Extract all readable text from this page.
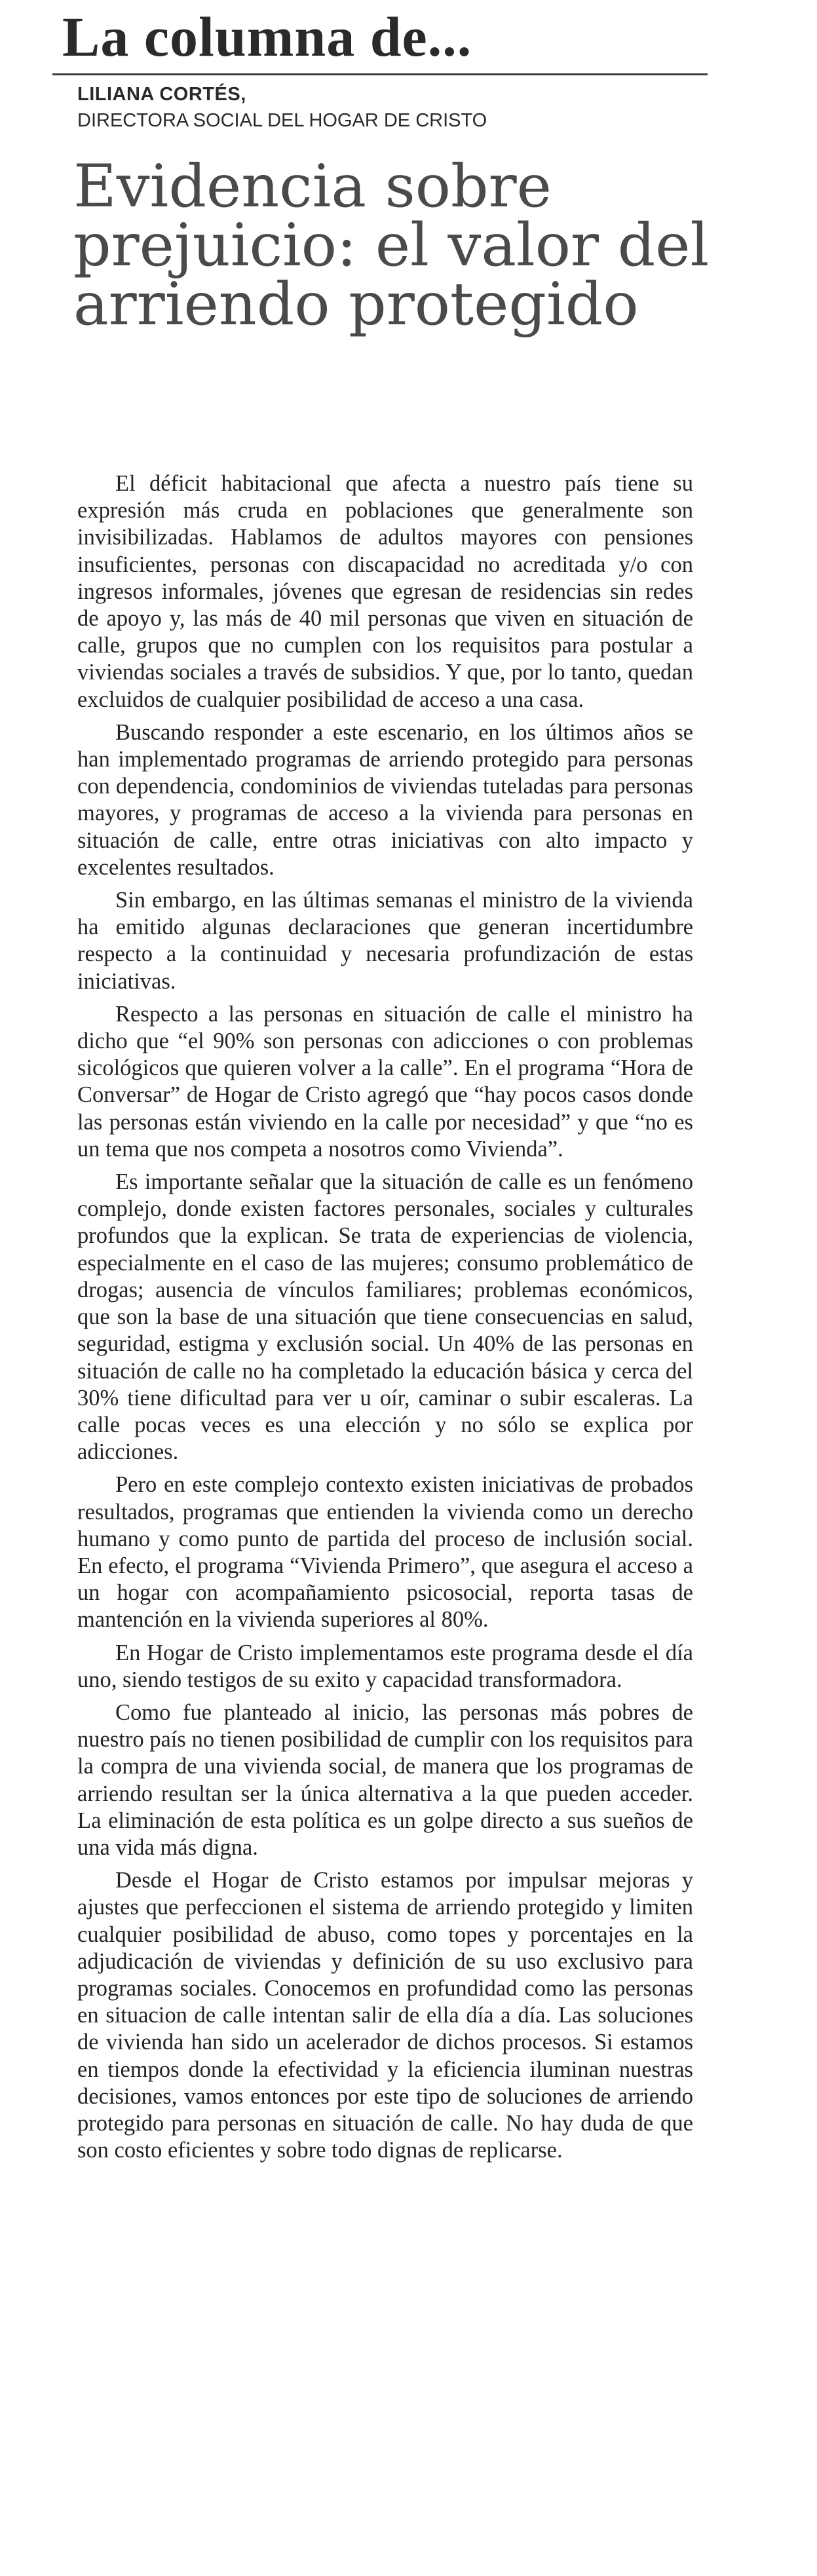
La columna de...
LILIANA CORTÉS,
DIRECTORA SOCIAL DEL HOGAR DE CRISTO
Evidencia sobre prejuicio: el valor del arriendo protegido

El déficit habitacional que afecta a nuestro país tiene su expresión más cruda en poblaciones que generalmente son invisibilizadas. Hablamos de adultos mayores con pensiones insuficientes, personas con discapacidad no acreditada y/o con ingresos informales, jóvenes que egresan de residencias sin redes de apoyo y, las más de 40 mil personas que viven en situación de calle, grupos que no cumplen con los requisitos para postular a viviendas sociales a través de subsidios. Y que, por lo tanto, quedan excluidos de cualquier posibilidad de acceso a una casa.

Buscando responder a este escenario, en los últimos años se han implementado programas de arriendo protegido para personas con dependencia, condominios de viviendas tuteladas para personas mayores, y programas de acceso a la vivienda para personas en situación de calle, entre otras iniciativas con alto impacto y excelentes resultados.

Sin embargo, en las últimas semanas el ministro de la vivienda ha emitido algunas declaraciones que generan incertidumbre respecto a la continuidad y necesaria profundización de estas iniciativas.

Respecto a las personas en situación de calle el ministro ha dicho que “el 90% son personas con adicciones o con problemas sicológicos que quieren volver a la calle”. En el programa “Hora de Conversar” de Hogar de Cristo agregó que “hay pocos casos donde las personas están viviendo en la calle por necesidad” y que “no es un tema que nos competa a nosotros como Vivienda”.

Es importante señalar que la situación de calle es un fenómeno complejo, donde existen factores personales, sociales y culturales profundos que la explican. Se trata de experiencias de violencia, especialmente en el caso de las mujeres; consumo problemático de drogas; ausencia de vínculos familiares; problemas económicos, que son la base de una situación que tiene consecuencias en salud, seguridad, estigma y exclusión social. Un 40% de las personas en situación de calle no ha completado la educación básica y cerca del 30% tiene dificultad para ver u oír, caminar o subir escaleras. La calle pocas veces es una elección y no sólo se explica por adicciones.

Pero en este complejo contexto existen iniciativas de probados resultados, programas que entienden la vivienda como un derecho humano y como punto de partida del proceso de inclusión social. En efecto, el programa “Vivienda Primero”, que asegura el acceso a un hogar con acompañamiento psicosocial, reporta tasas de mantención en la vivienda superiores al 80%.

En Hogar de Cristo implementamos este programa desde el día uno, siendo testigos de su exito y capacidad transformadora.

Como fue planteado al inicio, las personas más pobres de nuestro país no tienen posibilidad de cumplir con los requisitos para la compra de una vivienda social, de manera que los programas de arriendo resultan ser la única alternativa a la que pueden acceder. La eliminación de esta política es un golpe directo a sus sueños de una vida más digna.

Desde el Hogar de Cristo estamos por impulsar mejoras y ajustes que perfeccionen el sistema de arriendo protegido y limiten cualquier posibilidad de abuso, como topes y porcentajes en la adjudicación de viviendas y definición de su uso exclusivo para programas sociales. Conocemos en profundidad como las personas en situacion de calle intentan salir de ella día a día. Las soluciones de vivienda han sido un acelerador de dichos procesos. Si estamos en tiempos donde la efectividad y la eficiencia iluminan nuestras decisiones, vamos entonces por este tipo de soluciones de arriendo protegido para personas en situación de calle. No hay duda de que son costo eficientes y sobre todo dignas de replicarse.
